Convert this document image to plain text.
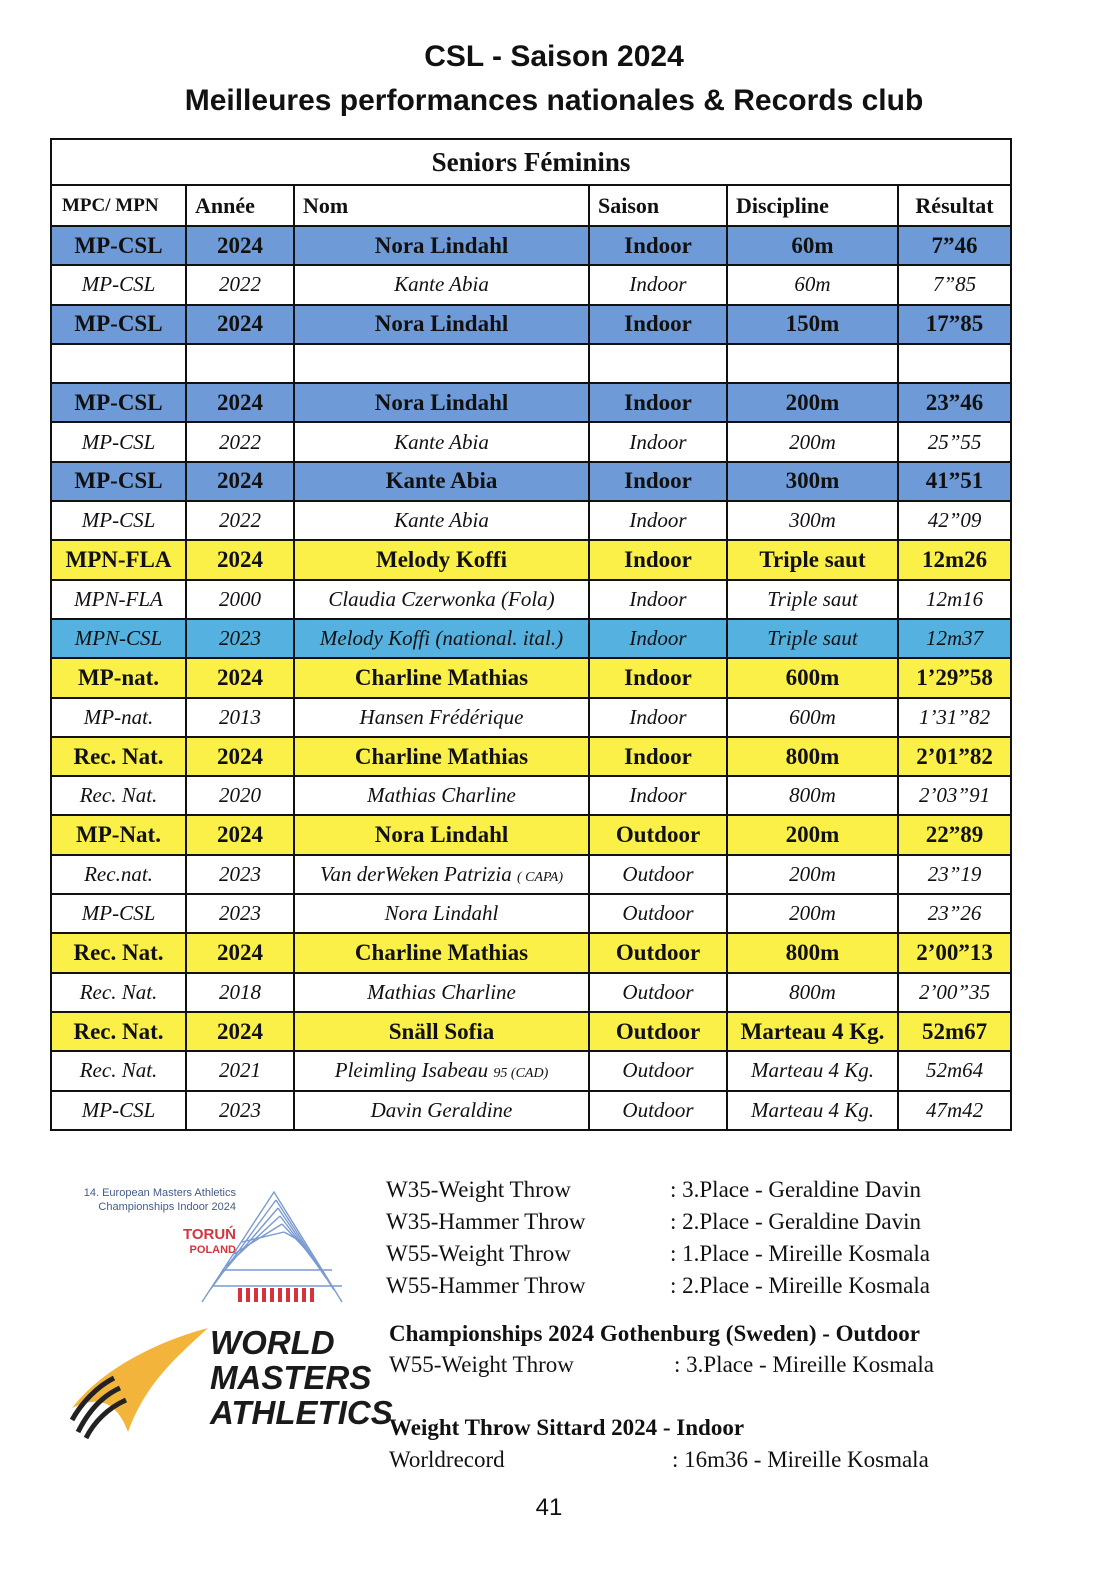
CSL - Saison 2024
Meilleures performances nationales & Records club
Seniors Féminins					
MPC/ MPN	Année	Nom	Saison	Discipline	Résultat
MP-CSL	2024	Nora Lindahl	Indoor	60m	7”46
MP-CSL	2022	Kante Abia	Indoor	60m	7”85
MP-CSL	2024	Nora Lindahl	Indoor	150m	17”85

MP-CSL	2024	Nora Lindahl	Indoor	200m	23”46
MP-CSL	2022	Kante Abia	Indoor	200m	25”55
MP-CSL	2024	Kante Abia	Indoor	300m	41”51
MP-CSL	2022	Kante Abia	Indoor	300m	42”09
MPN-FLA	2024	Melody Koffi	Indoor	Triple saut	12m26
MPN-FLA	2000	Claudia Czerwonka (Fola)	Indoor	Triple saut	12m16
MPN-CSL	2023	Melody Koffi (national. ital.)	Indoor	Triple saut	12m37
MP-nat.	2024	Charline Mathias	Indoor	600m	1’29”58
MP-nat.	2013	Hansen Frédérique	Indoor	600m	1’31”82
Rec. Nat.	2024	Charline Mathias	Indoor	800m	2’01”82
Rec. Nat.	2020	Mathias Charline	Indoor	800m	2’03”91
MP-Nat.	2024	Nora Lindahl	Outdoor	200m	22”89
Rec.nat.	2023	Van derWeken Patrizia ( CAPA)	Outdoor	200m	23”19
MP-CSL	2023	Nora Lindahl	Outdoor	200m	23”26
Rec. Nat.	2024	Charline Mathias	Outdoor	800m	2’00”13
Rec. Nat.	2018	Mathias Charline	Outdoor	800m	2’00”35
Rec. Nat.	2024	Snäll Sofia	Outdoor	Marteau 4 Kg.	52m67
Rec. Nat.	2021	Pleimling Isabeau 95 (CAD)	Outdoor	Marteau 4 Kg.	52m64
MP-CSL	2023	Davin Geraldine	Outdoor	Marteau 4 Kg.	47m42
14. European Masters Athletics
Championships Indoor 2024
TORUŃ
POLAND
WORLD
MASTERS
ATHLETICS
W35-Weight Throw	: 3.Place - Geraldine Davin
W35-Hammer Throw	: 2.Place - Geraldine Davin
W55-Weight Throw	: 1.Place - Mireille Kosmala
W55-Hammer Throw	: 2.Place - Mireille Kosmala
Championships 2024 Gothenburg (Sweden) - Outdoor
W55-Weight Throw	: 3.Place - Mireille Kosmala
Weight Throw Sittard 2024 - Indoor
Worldrecord	: 16m36 - Mireille Kosmala
41
